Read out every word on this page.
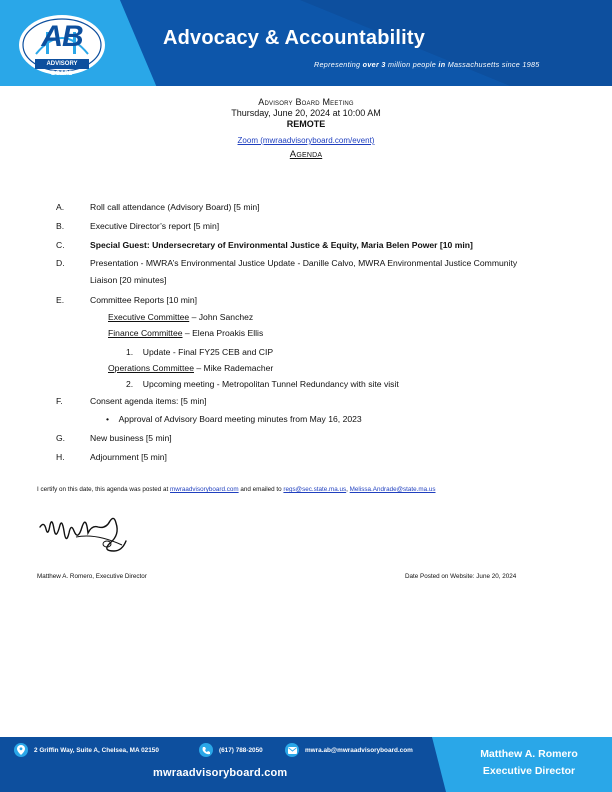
AB
ADVISORY BOARD
Advocacy & Accountability
Representing over 3 million people in Massachusetts since 1985
Advisory Board Meeting
Thursday, June 20, 2024 at 10:00 AM
REMOTE
Zoom (mwraadvisoryboard.com/event)
Agenda
A.	Roll call attendance (Advisory Board) [5 min]
B.	Executive Director’s report [5 min]
C.	Special Guest: Undersecretary of Environmental Justice & Equity, Maria Belen Power [10 min]
D.	Presentation - MWRA’s Environmental Justice Update - Danille Calvo, MWRA Environmental Justice Community Liaison [20 minutes]
E.	Committee Reports [10 min]
Executive Committee – John Sanchez
Finance Committee – Elena Proakis Ellis
1. Update - Final FY25 CEB and CIP
Operations Committee – Mike Rademacher
2. Upcoming meeting - Metropolitan Tunnel Redundancy with site visit
F.	Consent agenda items: [5 min]
•    Approval of Advisory Board meeting minutes from May 16, 2023
G.	New business [5 min]
H.	Adjournment [5 min]
I certify on this date, this agenda was posted at mwraadvisoryboard.com and emailed to regs@sec.state.ma.us, Melissa.Andrade@state.ma.us
Matthew A. Romero, Executive Director	Date Posted on Website: June 20, 2024
2 Griffin Way, Suite A, Chelsea, MA 02150	(617) 788-2050	mwra.ab@mwraadvisoryboard.com
mwraadvisoryboard.com
Matthew A. Romero
Executive Director
